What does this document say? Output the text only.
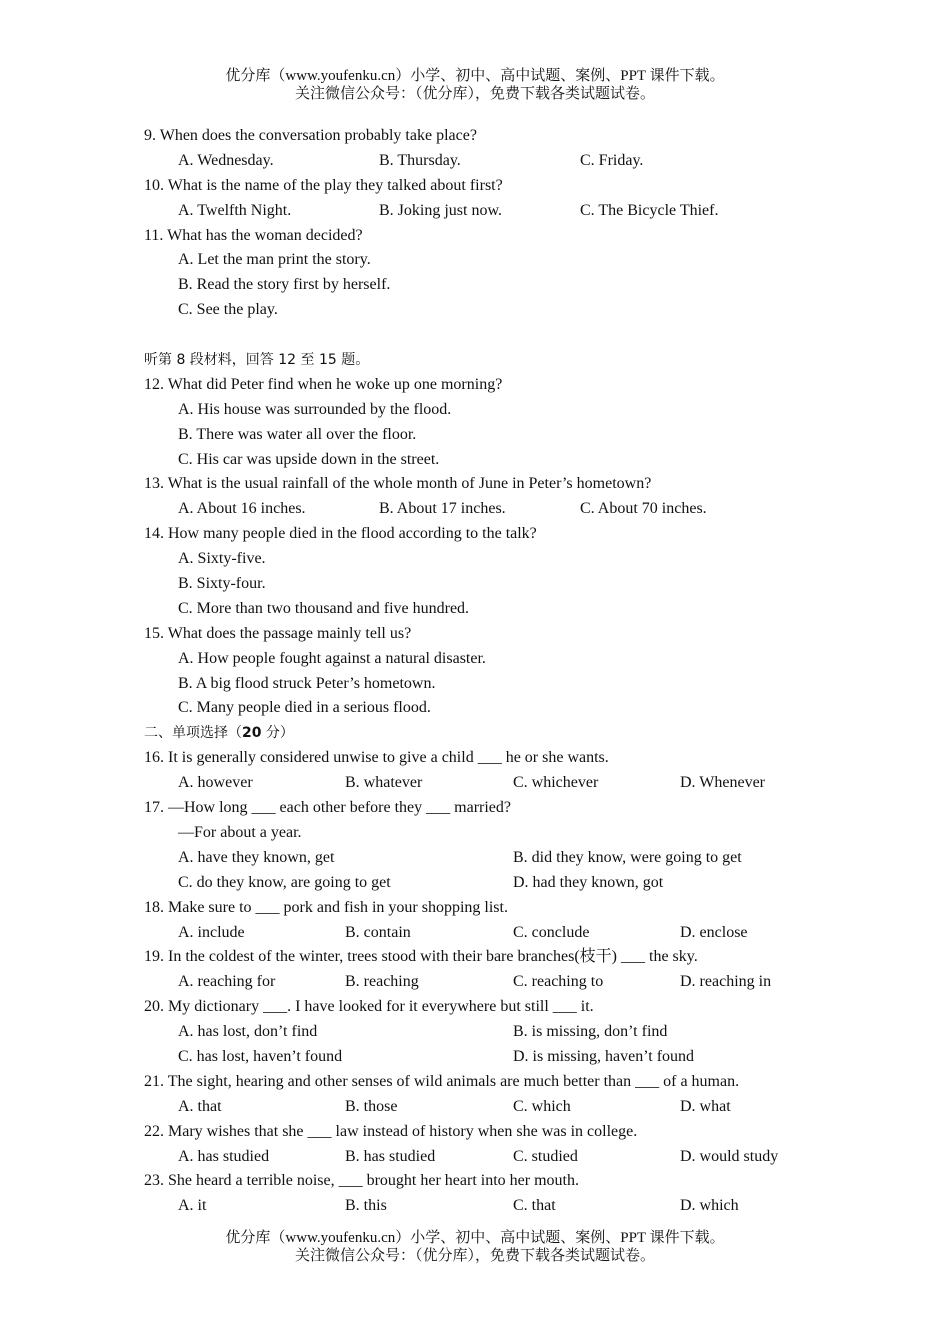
优分库（www.youfenku.cn）小学、初中、高中试题、案例、PPT 课件下载。
关注微信公众号：（优分库），免费下载各类试题试卷。
9. When does the conversation probably take place?
A. Wednesday.	B. Thursday.	C. Friday.
10. What is the name of the play they talked about first?
A. Twelfth Night.	B. Joking just now.	C. The Bicycle Thief.
11. What has the woman decided?
A. Let the man print the story.
B. Read the story first by herself.
C. See the play.
听第 8 段材料，回答 12 至 15 题。
12. What did Peter find when he woke up one morning?
A. His house was surrounded by the flood.
B. There was water all over the floor.
C. His car was upside down in the street.
13. What is the usual rainfall of the whole month of June in Peter’s hometown?
A. About 16 inches.	B. About 17 inches.	C. About 70 inches.
14. How many people died in the flood according to the talk?
A. Sixty-five.
B. Sixty-four.
C. More than two thousand and five hundred.
15. What does the passage mainly tell us?
A. How people fought against a natural disaster.
B. A big flood struck Peter’s hometown.
C. Many people died in a serious flood.
二、单项选择（20 分）
16. It is generally considered unwise to give a child ___ he or she wants.
A. however	B. whatever	C. whichever	D. Whenever
17. —How long ___ each other before they ___ married?
—For about a year.
A. have they known, get	B. did they know, were going to get
C. do they know, are going to get	D. had they known, got
18. Make sure to ___ pork and fish in your shopping list.
A. include	B. contain	C. conclude	D. enclose
19. In the coldest of the winter, trees stood with their bare branches(枝干) ___ the sky.
A. reaching for	B. reaching	C. reaching to	D. reaching in
20. My dictionary ___. I have looked for it everywhere but still ___ it.
A. has lost, don’t find	B. is missing, don’t find
C. has lost, haven’t found	D. is missing, haven’t found
21. The sight, hearing and other senses of wild animals are much better than ___ of a human.
A. that	B. those	C. which	D. what
22. Mary wishes that she ___ law instead of history when she was in college.
A. has studied	B. has studied	C. studied	D. would study
23. She heard a terrible noise, ___ brought her heart into her mouth.
A. it	B. this	C. that	D. which
优分库（www.youfenku.cn）小学、初中、高中试题、案例、PPT 课件下载。
关注微信公众号：（优分库），免费下载各类试题试卷。
